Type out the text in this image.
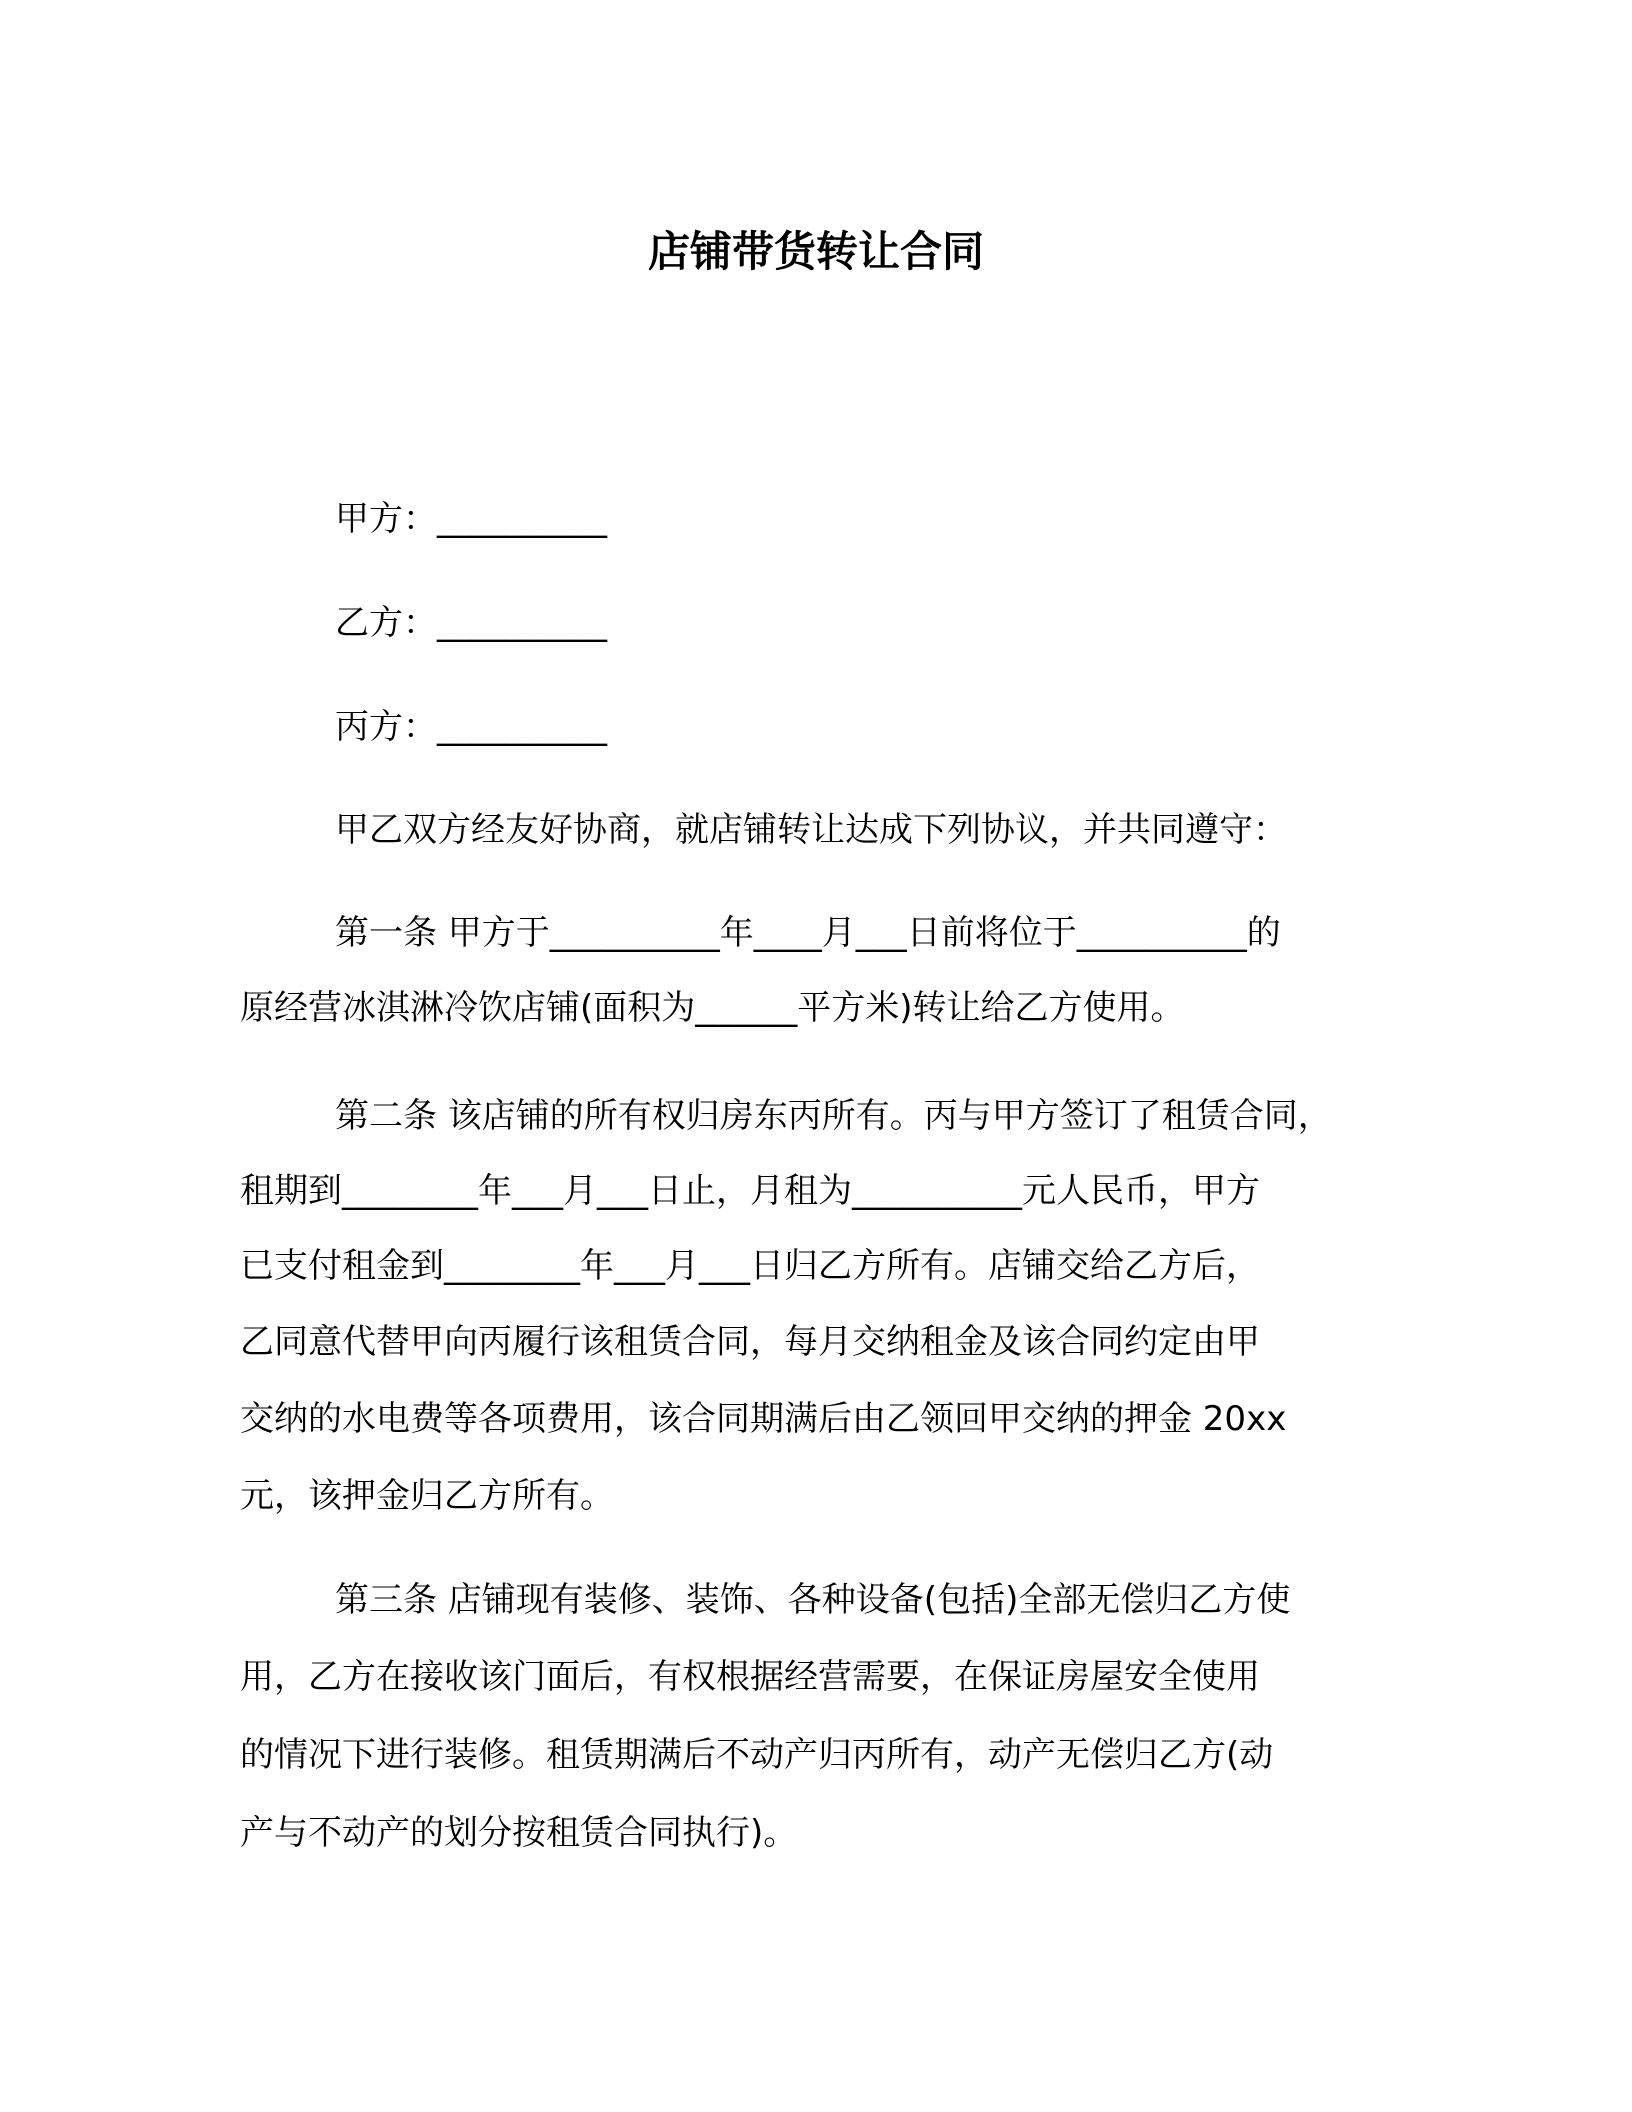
店铺带货转让合同
甲方：__________
乙方：__________
丙方：__________
甲乙双方经友好协商，就店铺转让达成下列协议，并共同遵守：
第一条 甲方于__________年____月___日前将位于__________的
原经营冰淇淋冷饮店铺(面积为______平方米)转让给乙方使用。
第二条 该店铺的所有权归房东丙所有。丙与甲方签订了租赁合同，
租期到________年___月___日止，月租为__________元人民币，甲方
已支付租金到________年___月___日归乙方所有。店铺交给乙方后，
乙同意代替甲向丙履行该租赁合同，每月交纳租金及该合同约定由甲
交纳的水电费等各项费用，该合同期满后由乙领回甲交纳的押金 20xx
元，该押金归乙方所有。
第三条 店铺现有装修、装饰、各种设备(包括)全部无偿归乙方使
用，乙方在接收该门面后，有权根据经营需要，在保证房屋安全使用
的情况下进行装修。租赁期满后不动产归丙所有，动产无偿归乙方(动
产与不动产的划分按租赁合同执行)。
